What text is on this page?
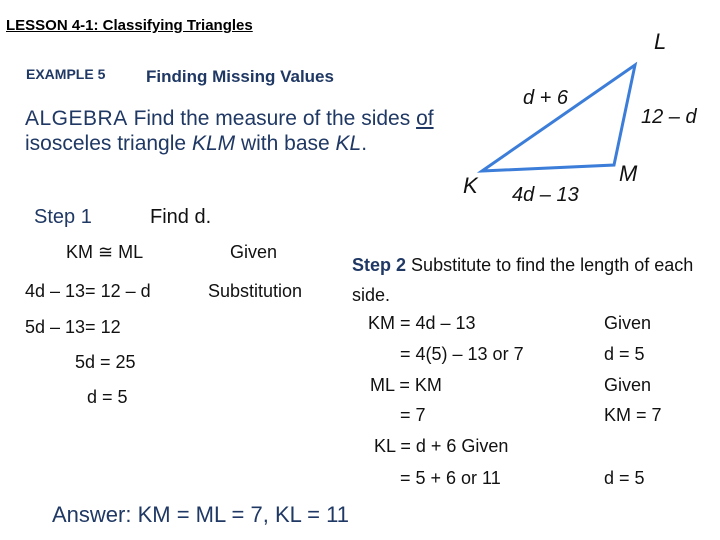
LESSON 4-1: Classifying Triangles
EXAMPLE 5 Finding Missing Values
ALGEBRA Find the measure of the sides of isosceles triangle KLM with base KL.
L
M
K
d + 6
12 – d
4d – 13
Step 1	Find d.
KM ≅ ML	Given
4d – 13= 12 – d	Substitution
5d – 13= 12
5d = 25
d = 5
Step 2 Substitute to find the length of each side.
KM = 4d – 13	Given
= 4(5) – 13 or 7	d = 5
ML = KM	Given
= 7	KM = 7
KL = d + 6 Given
= 5 + 6 or 11	d = 5
Answer: KM = ML = 7, KL = 11
